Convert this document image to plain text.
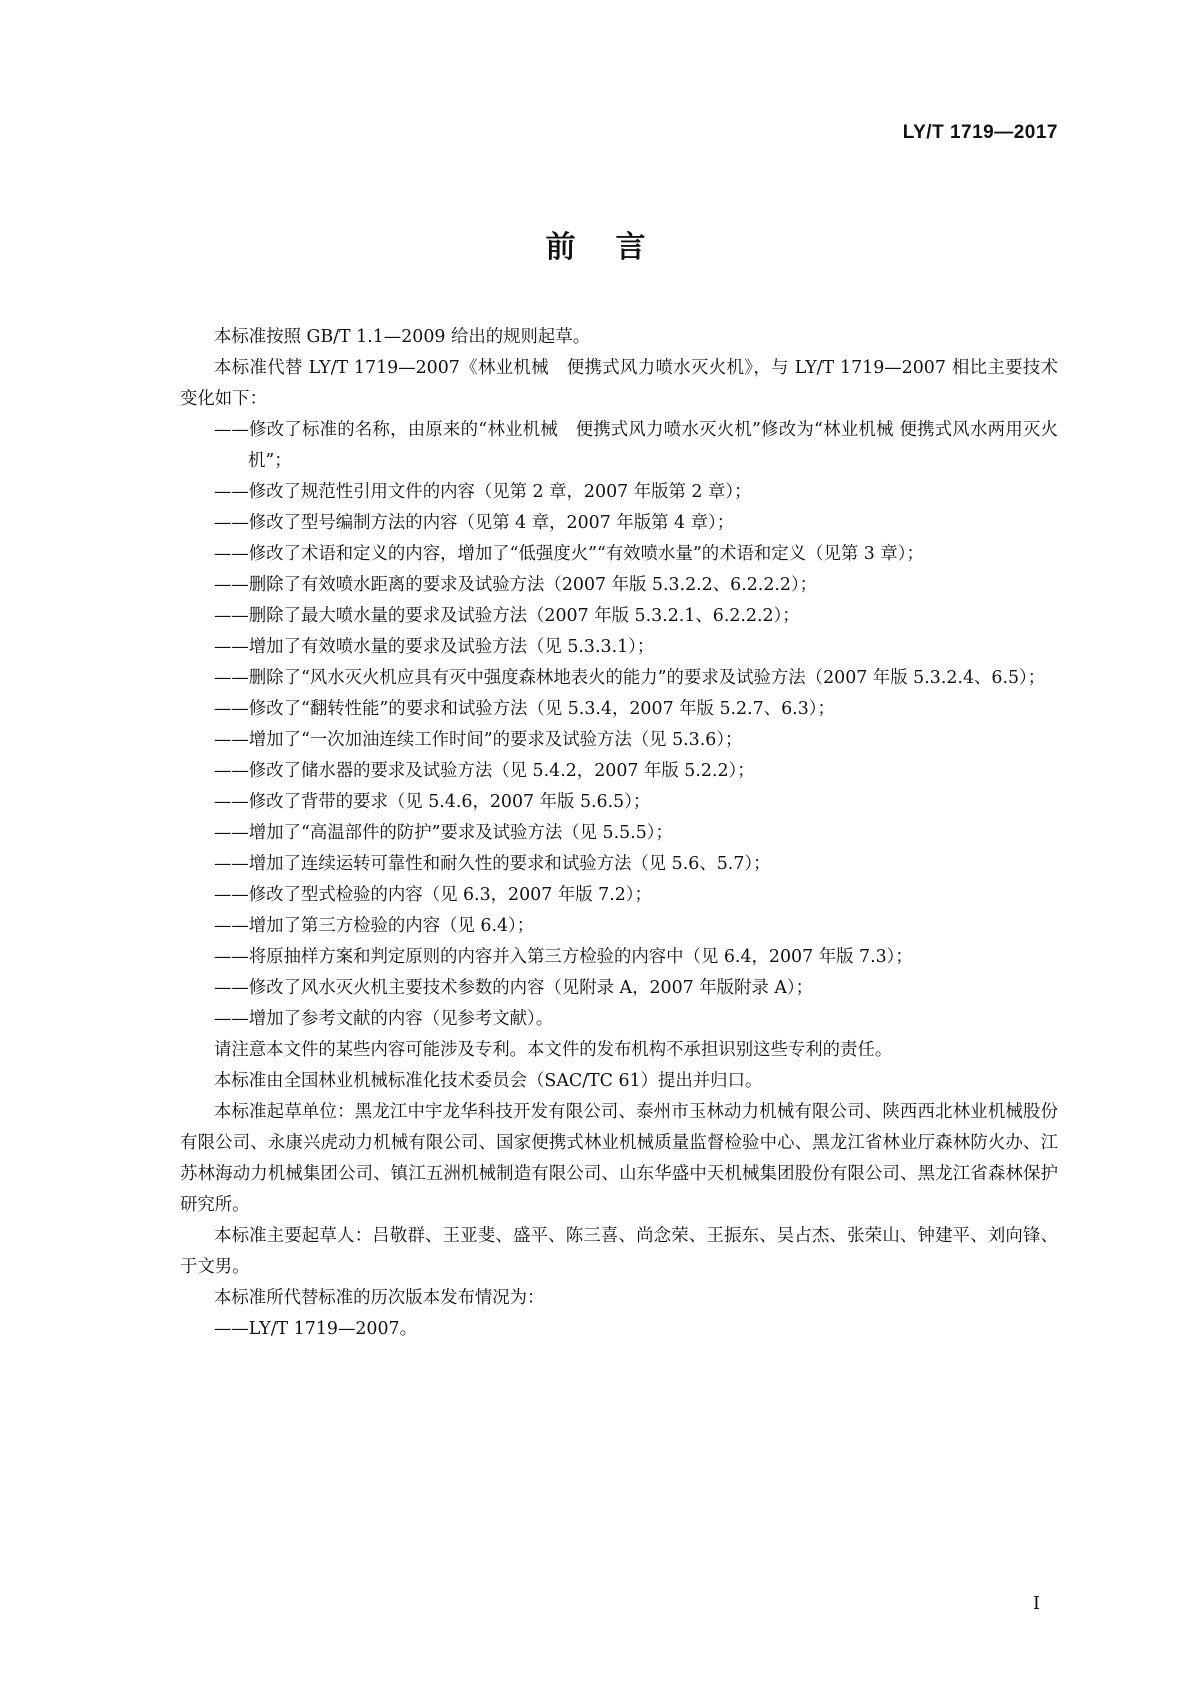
LY/T 1719—2017
前言

本标准按照 GB/T 1.1—2009 给出的规则起草。

本标准代替 LY/T 1719—2007《林业机械　便携式风力喷水灭火机》，与 LY/T 1719—2007 相比主要技术变化如下：

——修改了标准的名称，由原来的“林业机械　便携式风力喷水灭火机”修改为“林业机械 便携式风水两用灭火机”；

——修改了规范性引用文件的内容（见第 2 章，2007 年版第 2 章）；

——修改了型号编制方法的内容（见第 4 章，2007 年版第 4 章）；

——修改了术语和定义的内容，增加了“低强度火”“有效喷水量”的术语和定义（见第 3 章）；

——删除了有效喷水距离的要求及试验方法（2007 年版 5.3.2.2、6.2.2.2）；

——删除了最大喷水量的要求及试验方法（2007 年版 5.3.2.1、6.2.2.2）；

——增加了有效喷水量的要求及试验方法（见 5.3.3.1）；

——删除了“风水灭火机应具有灭中强度森林地表火的能力”的要求及试验方法（2007 年版 5.3.2.4、6.5）；

——修改了“翻转性能”的要求和试验方法（见 5.3.4，2007 年版 5.2.7、6.3）；

——增加了“一次加油连续工作时间”的要求及试验方法（见 5.3.6）；

——修改了储水器的要求及试验方法（见 5.4.2，2007 年版 5.2.2）；

——修改了背带的要求（见 5.4.6，2007 年版 5.6.5）；

——增加了“高温部件的防护”要求及试验方法（见 5.5.5）；

——增加了连续运转可靠性和耐久性的要求和试验方法（见 5.6、5.7）；

——修改了型式检验的内容（见 6.3，2007 年版 7.2）；

——增加了第三方检验的内容（见 6.4）；

——将原抽样方案和判定原则的内容并入第三方检验的内容中（见 6.4，2007 年版 7.3）；

——修改了风水灭火机主要技术参数的内容（见附录 A，2007 年版附录 A）；

——增加了参考文献的内容（见参考文献）。

请注意本文件的某些内容可能涉及专利。本文件的发布机构不承担识别这些专利的责任。

本标准由全国林业机械标准化技术委员会（SAC/TC 61）提出并归口。

本标准起草单位：黑龙江中宇龙华科技开发有限公司、泰州市玉林动力机械有限公司、陕西西北林业机械股份有限公司、永康兴虎动力机械有限公司、国家便携式林业机械质量监督检验中心、黑龙江省林业厅森林防火办、江苏林海动力机械集团公司、镇江五洲机械制造有限公司、山东华盛中天机械集团股份有限公司、黑龙江省森林保护研究所。

本标准主要起草人：吕敬群、王亚斐、盛平、陈三喜、尚念荣、王振东、吴占杰、张荣山、钟建平、刘向锋、于文男。

本标准所代替标准的历次版本发布情况为：

——LY/T 1719—2007。

I
